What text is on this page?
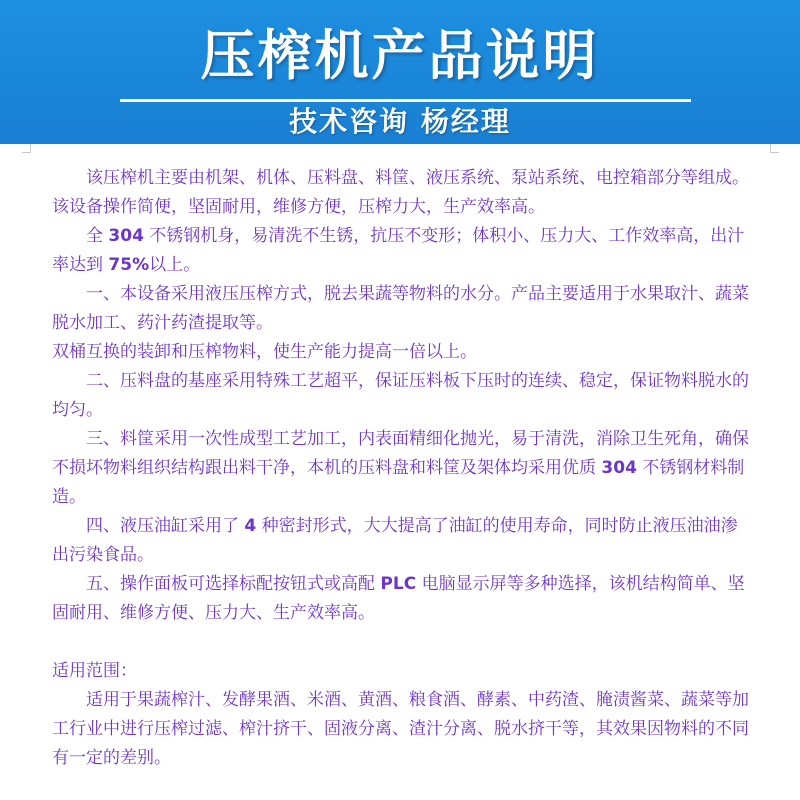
压榨机产品说明
技术咨询 杨经理

该压榨机主要由机架、机体、压料盘、料筐、液压系统、泵站系统、电控箱部分等组成。该设备操作简便，坚固耐用，维修方便，压榨力大，生产效率高。

全 304 不锈钢机身，易清洗不生锈，抗压不变形；体积小、压力大、工作效率高，出汁率达到 75%以上。

一、本设备采用液压压榨方式，脱去果蔬等物料的水分。产品主要适用于水果取汁、蔬菜脱水加工、药汁药渣提取等。

双桶互换的装卸和压榨物料，使生产能力提高一倍以上。

二、压料盘的基座采用特殊工艺超平，保证压料板下压时的连续、稳定，保证物料脱水的均匀。

三、料筐采用一次性成型工艺加工，内表面精细化抛光，易于清洗，消除卫生死角，确保不损坏物料组织结构跟出料干净，本机的压料盘和料筐及架体均采用优质 304 不锈钢材料制造。

四、液压油缸采用了 4 种密封形式，大大提高了油缸的使用寿命，同时防止液压油油渗出污染食品。

五、操作面板可选择标配按钮式或高配 PLC 电脑显示屏等多种选择，该机结构简单、坚固耐用、维修方便、压力大、生产效率高。

适用范围：

适用于果蔬榨汁、发酵果酒、米酒、黄酒、粮食酒、酵素、中药渣、腌渍酱菜、蔬菜等加工行业中进行压榨过滤、榨汁挤干、固液分离、渣汁分离、脱水挤干等，其效果因物料的不同有一定的差别。
